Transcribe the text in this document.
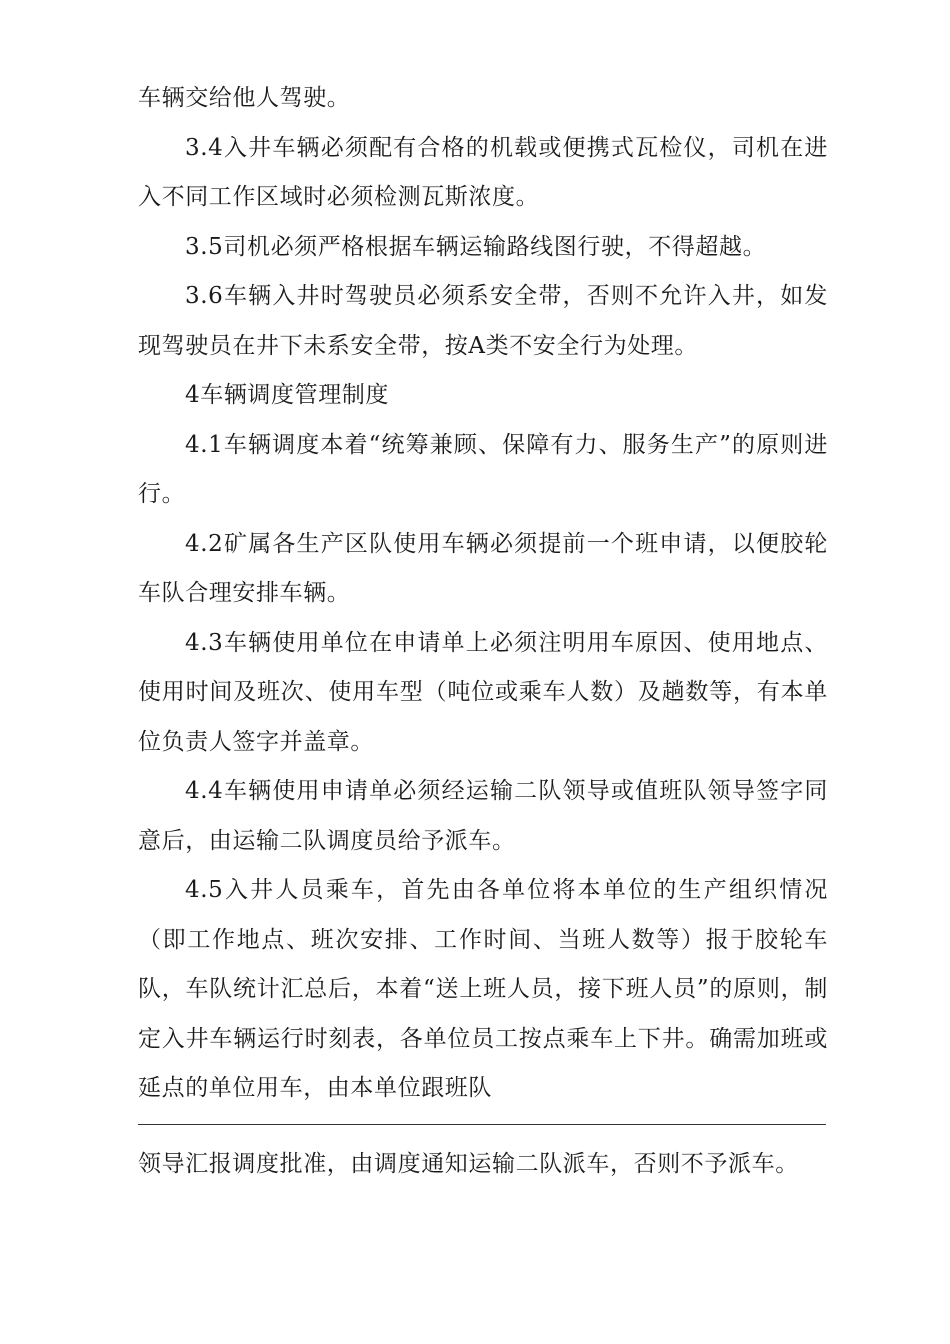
车辆交给他人驾驶。

3.4入井车辆必须配有合格的机载或便携式瓦检仪，司机在进入不同工作区域时必须检测瓦斯浓度。

3.5司机必须严格根据车辆运输路线图行驶，不得超越。

3.6车辆入井时驾驶员必须系安全带，否则不允许入井，如发现驾驶员在井下未系安全带，按A类不安全行为处理。

4车辆调度管理制度

4.1车辆调度本着“统筹兼顾、保障有力、服务生产”的原则进行。

4.2矿属各生产区队使用车辆必须提前一个班申请，以便胶轮车队合理安排车辆。

4.3车辆使用单位在申请单上必须注明用车原因、使用地点、使用时间及班次、使用车型（吨位或乘车人数）及趟数等，有本单位负责人签字并盖章。

4.4车辆使用申请单必须经运输二队领导或值班队领导签字同意后，由运输二队调度员给予派车。

4.5入井人员乘车，首先由各单位将本单位的生产组织情况（即工作地点、班次安排、工作时间、当班人数等）报于胶轮车队，车队统计汇总后，本着“送上班人员，接下班人员”的原则，制定入井车辆运行时刻表，各单位员工按点乘车上下井。确需加班或延点的单位用车，由本单位跟班队

领导汇报调度批准，由调度通知运输二队派车，否则不予派车。
